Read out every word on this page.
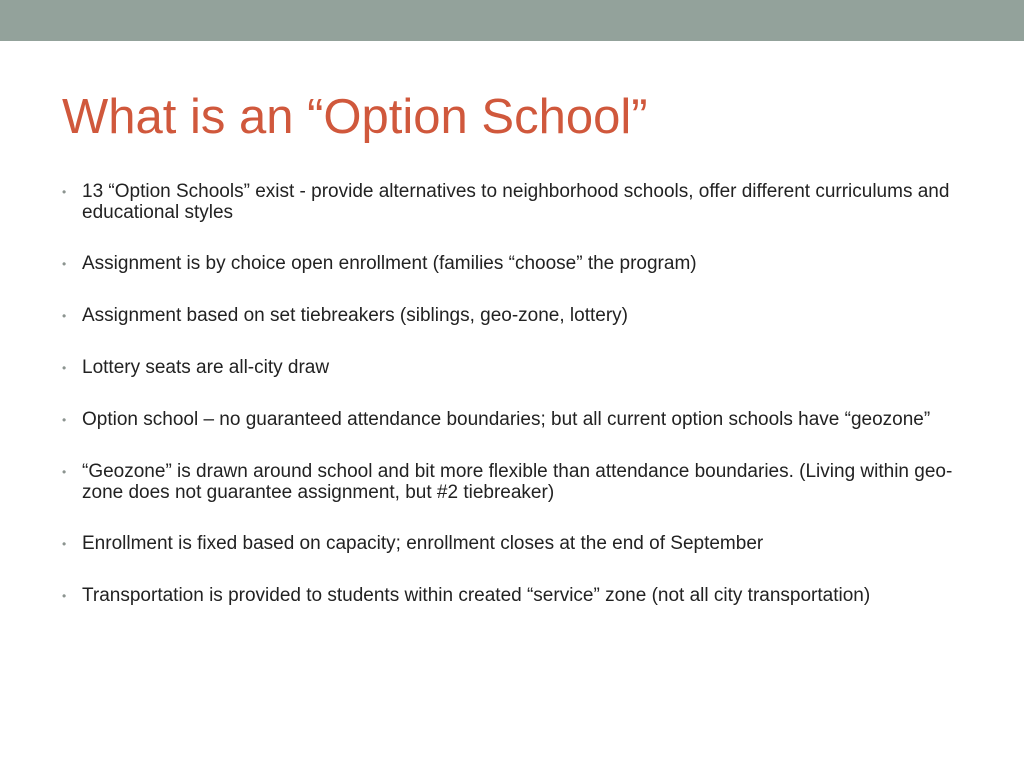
What is an “Option School”
• 13 “Option Schools” exist - provide alternatives to neighborhood schools, offer different curriculums and educational styles
• Assignment is by choice open enrollment (families “choose” the program)
• Assignment based on set tiebreakers (siblings, geo-zone, lottery)
• Lottery seats are all-city draw
• Option school – no guaranteed attendance boundaries; but all current option schools have “geozone”
• “Geozone” is drawn around school and bit more flexible than attendance boundaries. (Living within geo-zone does not guarantee assignment, but #2 tiebreaker)
• Enrollment is fixed based on capacity; enrollment closes at the end of September
• Transportation is provided to students within created “service” zone (not all city transportation)
